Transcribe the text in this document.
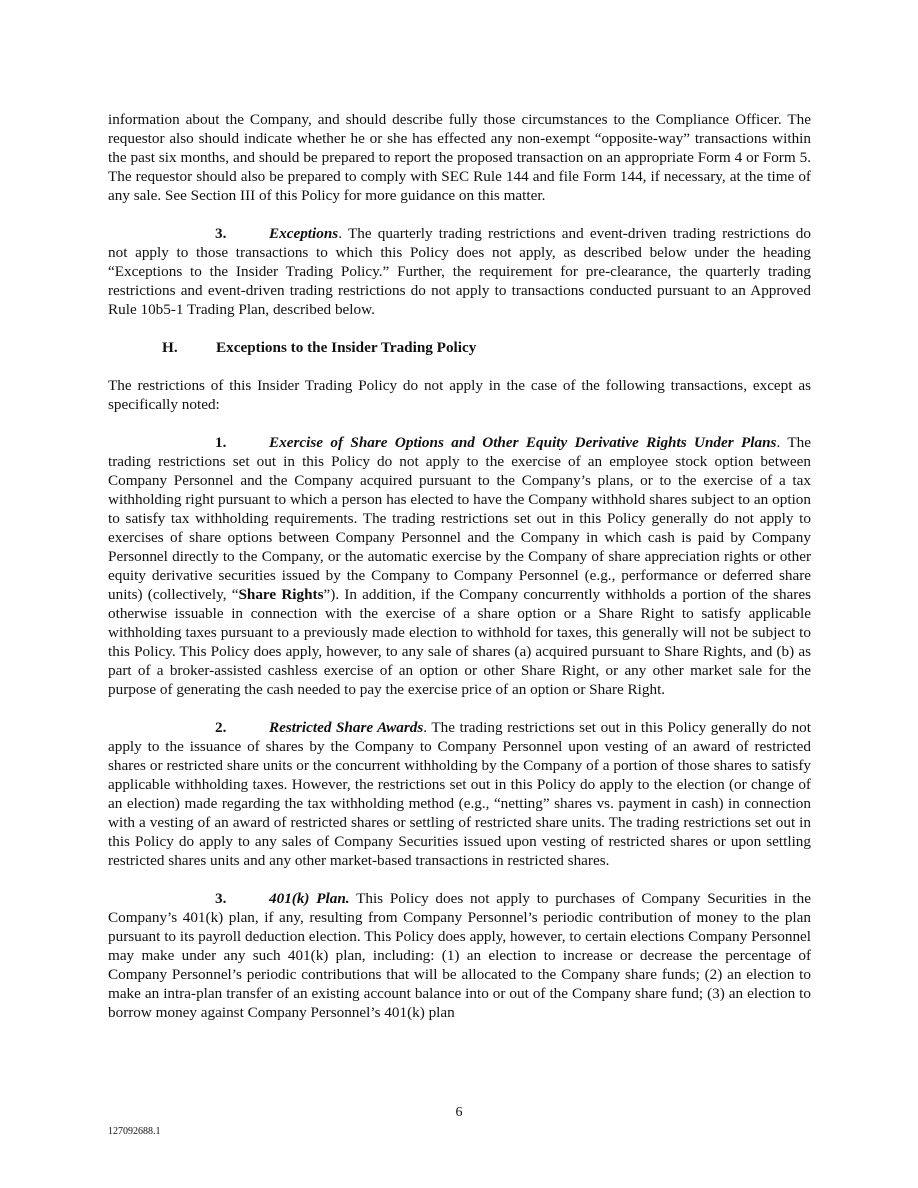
information about the Company, and should describe fully those circumstances to the Compliance Officer. The requestor also should indicate whether he or she has effected any non-exempt “opposite-way” transactions within the past six months, and should be prepared to report the proposed transaction on an appropriate Form 4 or Form 5. The requestor should also be prepared to comply with SEC Rule 144 and file Form 144, if necessary, at the time of any sale. See Section III of this Policy for more guidance on this matter.

3.	Exceptions. The quarterly trading restrictions and event-driven trading restrictions do not apply to those transactions to which this Policy does not apply, as described below under the heading “Exceptions to the Insider Trading Policy.” Further, the requirement for pre-clearance, the quarterly trading restrictions and event-driven trading restrictions do not apply to transactions conducted pursuant to an Approved Rule 10b5-1 Trading Plan, described below.

H.	Exceptions to the Insider Trading Policy

The restrictions of this Insider Trading Policy do not apply in the case of the following transactions, except as specifically noted:

1.	Exercise of Share Options and Other Equity Derivative Rights Under Plans. The trading restrictions set out in this Policy do not apply to the exercise of an employee stock option between Company Personnel and the Company acquired pursuant to the Company’s plans, or to the exercise of a tax withholding right pursuant to which a person has elected to have the Company withhold shares subject to an option to satisfy tax withholding requirements. The trading restrictions set out in this Policy generally do not apply to exercises of share options between Company Personnel and the Company in which cash is paid by Company Personnel directly to the Company, or the automatic exercise by the Company of share appreciation rights or other equity derivative securities issued by the Company to Company Personnel (e.g., performance or deferred share units) (collectively, “Share Rights”). In addition, if the Company concurrently withholds a portion of the shares otherwise issuable in connection with the exercise of a share option or a Share Right to satisfy applicable withholding taxes pursuant to a previously made election to withhold for taxes, this generally will not be subject to this Policy. This Policy does apply, however, to any sale of shares (a) acquired pursuant to Share Rights, and (b) as part of a broker-assisted cashless exercise of an option or other Share Right, or any other market sale for the purpose of generating the cash needed to pay the exercise price of an option or Share Right.

2.	Restricted Share Awards. The trading restrictions set out in this Policy generally do not apply to the issuance of shares by the Company to Company Personnel upon vesting of an award of restricted shares or restricted share units or the concurrent withholding by the Company of a portion of those shares to satisfy applicable withholding taxes. However, the restrictions set out in this Policy do apply to the election (or change of an election) made regarding the tax withholding method (e.g., “netting” shares vs. payment in cash) in connection with a vesting of an award of restricted shares or settling of restricted share units. The trading restrictions set out in this Policy do apply to any sales of Company Securities issued upon vesting of restricted shares or upon settling restricted shares units and any other market-based transactions in restricted shares.

3.	401(k) Plan. This Policy does not apply to purchases of Company Securities in the Company’s 401(k) plan, if any, resulting from Company Personnel’s periodic contribution of money to the plan pursuant to its payroll deduction election. This Policy does apply, however, to certain elections Company Personnel may make under any such 401(k) plan, including: (1) an election to increase or decrease the percentage of Company Personnel’s periodic contributions that will be allocated to the Company share funds; (2) an election to make an intra-plan transfer of an existing account balance into or out of the Company share fund; (3) an election to borrow money against Company Personnel’s 401(k) plan

6
127092688.1
